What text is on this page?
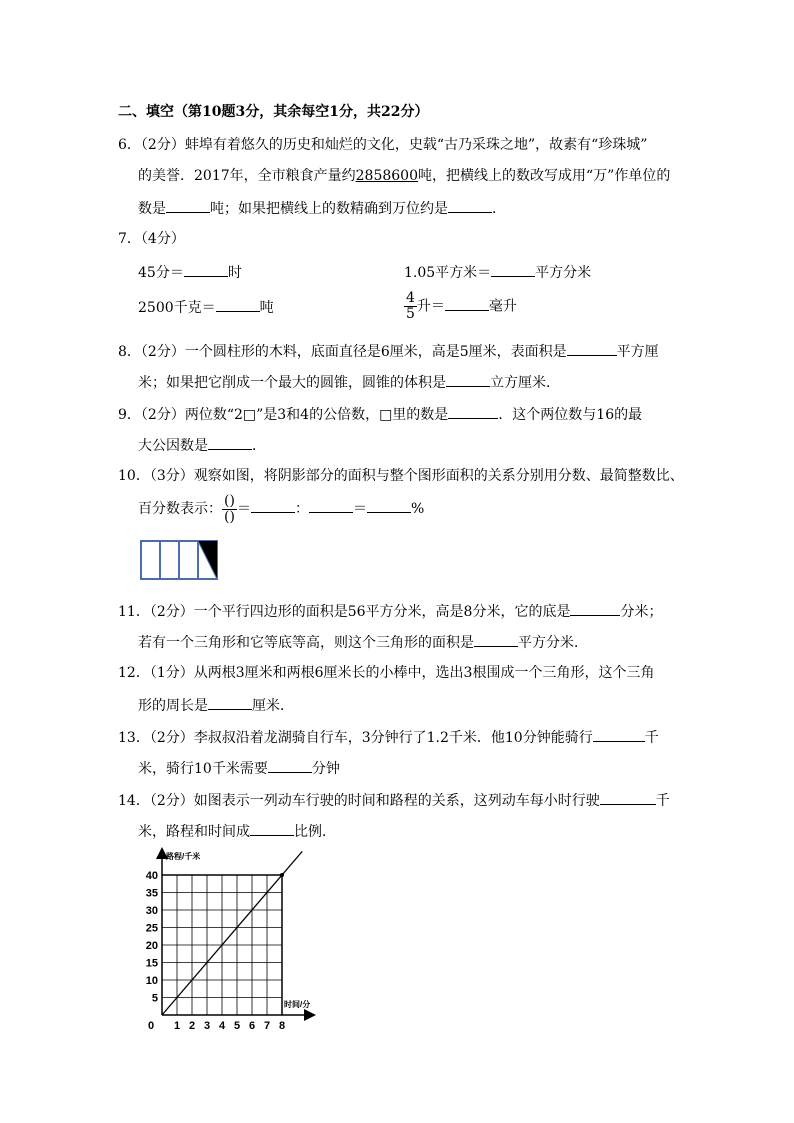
二、填空（第10题3分，其余每空1分，共22分）
6．（2分）蚌埠有着悠久的历史和灿烂的文化，史载“古乃采珠之地”，故素有“珍珠城”
的美誉．2017年，全市粮食产量约2858600吨，把横线上的数改写成用“万”作单位的
数是	吨；如果把横线上的数精确到万位约是	．
7．（4分）
45分＝	时	1.05平方米＝	平方分米
2500千克＝	吨	$\frac{4}{5}$ 升＝	毫升
8．（2分）一个圆柱形的木料，底面直径是6厘米，高是5厘米，表面积是	平方厘
米；如果把它削成一个最大的圆锥，圆锥的体积是	立方厘米．
9．（2分）两位数“2□”是3和4的公倍数，□里的数是	．这个两位数与16的最
大公因数是	．
10．（3分）观察如图，将阴影部分的面积与整个图形面积的关系分别用分数、最简整数比、
百分数表示： $\frac{()}{()}$ ＝	：	＝	%
11．（2分）一个平行四边形的面积是56平方分米，高是8分米，它的底是	分米；
若有一个三角形和它等底等高，则这个三角形的面积是	平方分米．
12．（1分）从两根3厘米和两根6厘米长的小棒中，选出3根围成一个三角形，这个三角
形的周长是	厘米．
13．（2分）李叔叔沿着龙湖骑自行车，3分钟行了1.2千米．他10分钟能骑行	千
米，骑行10千米需要	分钟
14．（2分）如图表示一列动车行驶的时间和路程的关系，这列动车每小时行驶	千
米，路程和时间成	比例．
1 2 3 4 5 6 7 8
5
10
15
20
25
30
35
40
0
路程/千米
时间/分
